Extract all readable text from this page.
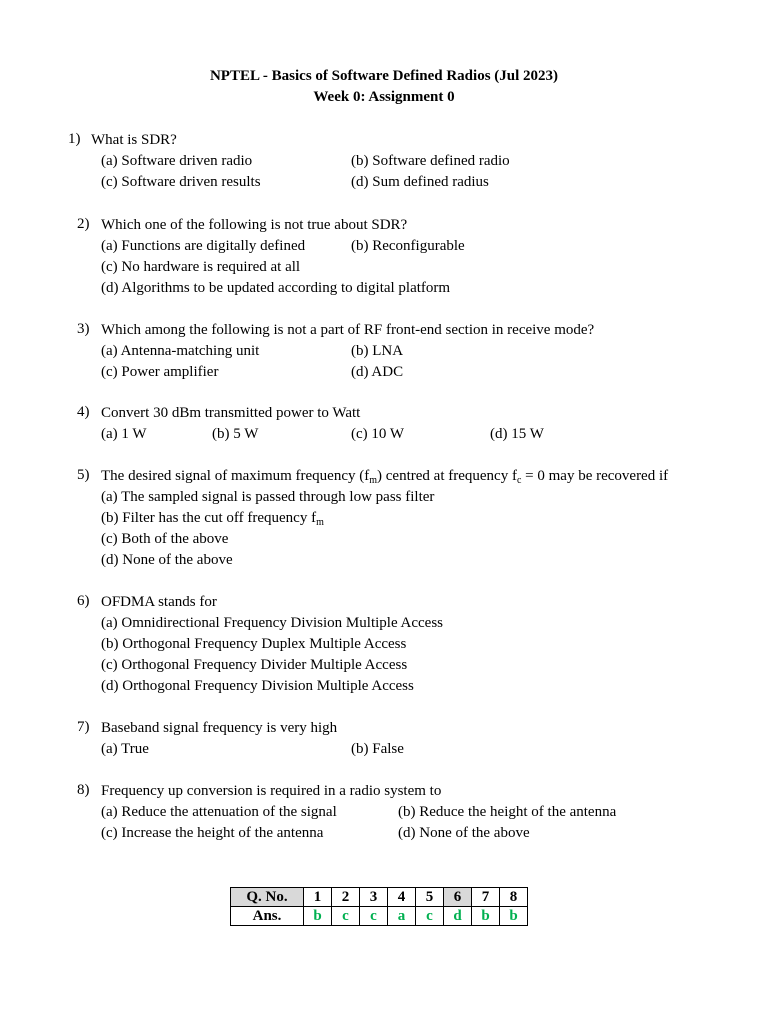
NPTEL - Basics of Software Defined Radios (Jul 2023)
Week 0: Assignment 0
1) What is SDR?
(a) Software driven radio	(b) Software defined radio
(c) Software driven results	(d) Sum defined radius
2) Which one of the following is not true about SDR?
(a) Functions are digitally defined	(b) Reconfigurable
(c) No hardware is required at all
(d) Algorithms to be updated according to digital platform
3) Which among the following is not a part of RF front-end section in receive mode?
(a) Antenna-matching unit	(b) LNA
(c) Power amplifier	(d) ADC
4) Convert 30 dBm transmitted power to Watt
(a) 1 W	(b) 5 W	(c) 10 W	(d) 15 W
5) The desired signal of maximum frequency $(f_m)$ centred at frequency $f_c = 0$ may be recovered if
(a) The sampled signal is passed through low pass filter
(b) Filter has the cut off frequency $f_m$
(c) Both of the above
(d) None of the above
6) OFDMA stands for
(a) Omnidirectional Frequency Division Multiple Access
(b) Orthogonal Frequency Duplex Multiple Access
(c) Orthogonal Frequency Divider Multiple Access
(d) Orthogonal Frequency Division Multiple Access
7) Baseband signal frequency is very high
(a) True	(b) False
8) Frequency up conversion is required in a radio system to
(a) Reduce the attenuation of the signal	(b) Reduce the height of the antenna
(c) Increase the height of the antenna	(d) None of the above
Q. No.	1	2	3	4	5	6	7	8
Ans.	b	c	c	a	c	d	b	b
